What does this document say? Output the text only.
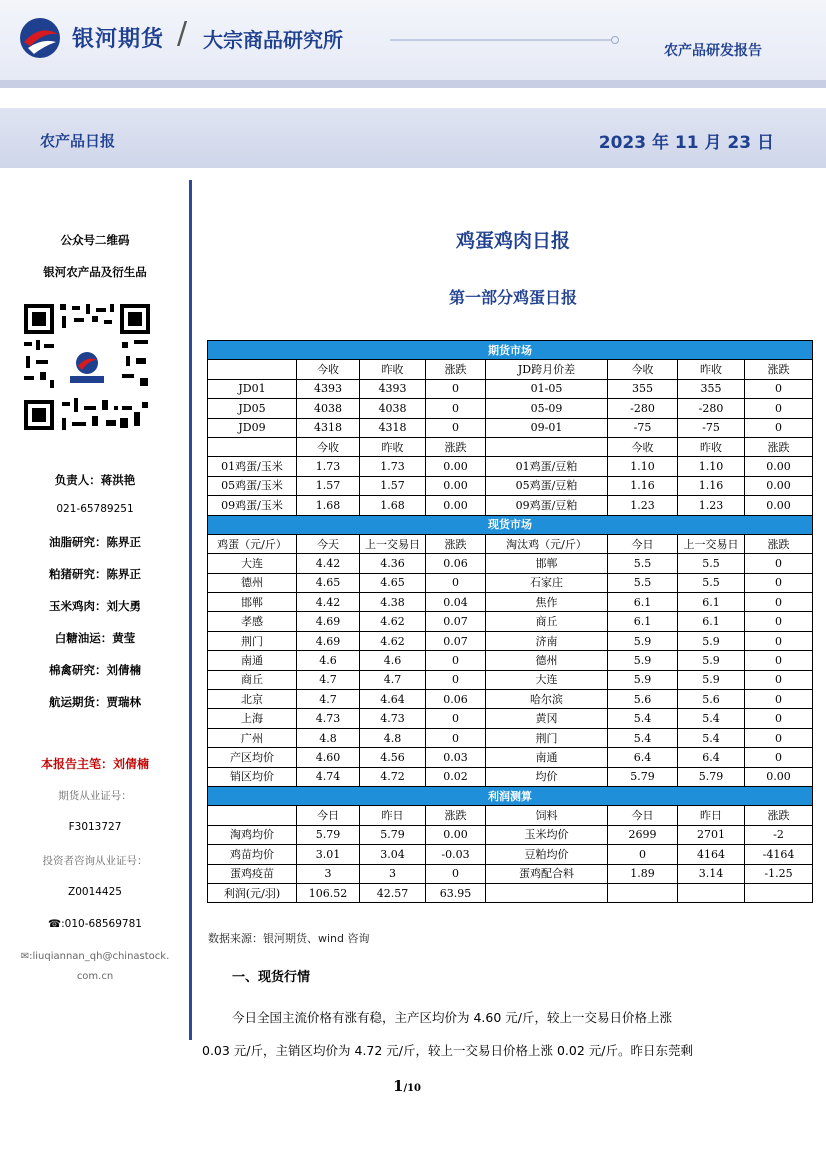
银河期货 / 大宗商品研究所	农产品研发报告
农产品日报	2023 年 11 月 23 日
公众号二维码
银河农产品及衍生品
负责人：蒋洪艳
021-65789251
油脂研究：陈界正
粕猪研究：陈界正
玉米鸡肉：刘大勇
白糖油运：黄莹
棉禽研究：刘倩楠
航运期货：贾瑞林
本报告主笔：刘倩楠
期货从业证号：
F3013727
投资者咨询从业证号：
Z0014425
☎:010-68569781
✉:liuqiannan_qh@chinastock.
com.cn
鸡蛋鸡肉日报
第一部分鸡蛋日报
期货市场							
	今收	昨收	涨跌	JD跨月价差	今收	昨收	涨跌
JD01	4393	4393	0	01-05	355	355	0
JD05	4038	4038	0	05-09	-280	-280	0
JD09	4318	4318	0	09-01	-75	-75	0
	今收	昨收	涨跌		今收	昨收	涨跌
01鸡蛋/玉米	1.73	1.73	0.00	01鸡蛋/豆粕	1.10	1.10	0.00
05鸡蛋/玉米	1.57	1.57	0.00	05鸡蛋/豆粕	1.16	1.16	0.00
09鸡蛋/玉米	1.68	1.68	0.00	09鸡蛋/豆粕	1.23	1.23	0.00
现货市场							
鸡蛋（元/斤）	今天	上一交易日	涨跌	淘汰鸡（元/斤）	今日	上一交易日	涨跌
大连	4.42	4.36	0.06	邯郸	5.5	5.5	0
德州	4.65	4.65	0	石家庄	5.5	5.5	0
邯郸	4.42	4.38	0.04	焦作	6.1	6.1	0
孝感	4.69	4.62	0.07	商丘	6.1	6.1	0
荆门	4.69	4.62	0.07	济南	5.9	5.9	0
南通	4.6	4.6	0	德州	5.9	5.9	0
商丘	4.7	4.7	0	大连	5.9	5.9	0
北京	4.7	4.64	0.06	哈尔滨	5.6	5.6	0
上海	4.73	4.73	0	黄冈	5.4	5.4	0
广州	4.8	4.8	0	荆门	5.4	5.4	0
产区均价	4.60	4.56	0.03	南通	6.4	6.4	0
销区均价	4.74	4.72	0.02	均价	5.79	5.79	0.00
利润测算							
	今日	昨日	涨跌	饲料	今日	昨日	涨跌
淘鸡均价	5.79	5.79	0.00	玉米均价	2699	2701	-2
鸡苗均价	3.01	3.04	-0.03	豆粕均价	0	4164	-4164
蛋鸡疫苗	3	3	0	蛋鸡配合料	1.89	3.14	-1.25
利润(元/羽)	106.52	42.57	63.95				
数据来源：银河期货、wind 咨询
一、现货行情
今日全国主流价格有涨有稳，主产区均价为 4.60 元/斤，较上一交易日价格上涨
0.03 元/斤，主销区均价为 4.72 元/斤，较上一交易日价格上涨 0.02 元/斤。昨日东莞剩
1/10
